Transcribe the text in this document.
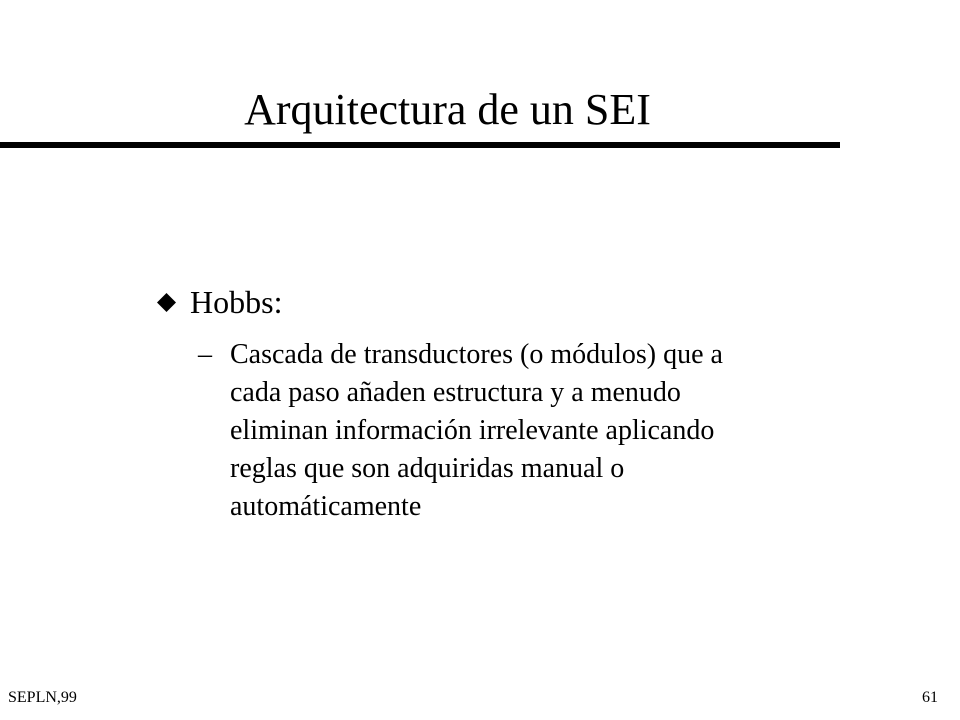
Arquitectura de un SEI
Hobbs:
– Cascada de transductores (o módulos) que a
cada paso añaden estructura y a menudo
eliminan información irrelevante aplicando
reglas que son adquiridas manual o
automáticamente
SEPLN,99	61
